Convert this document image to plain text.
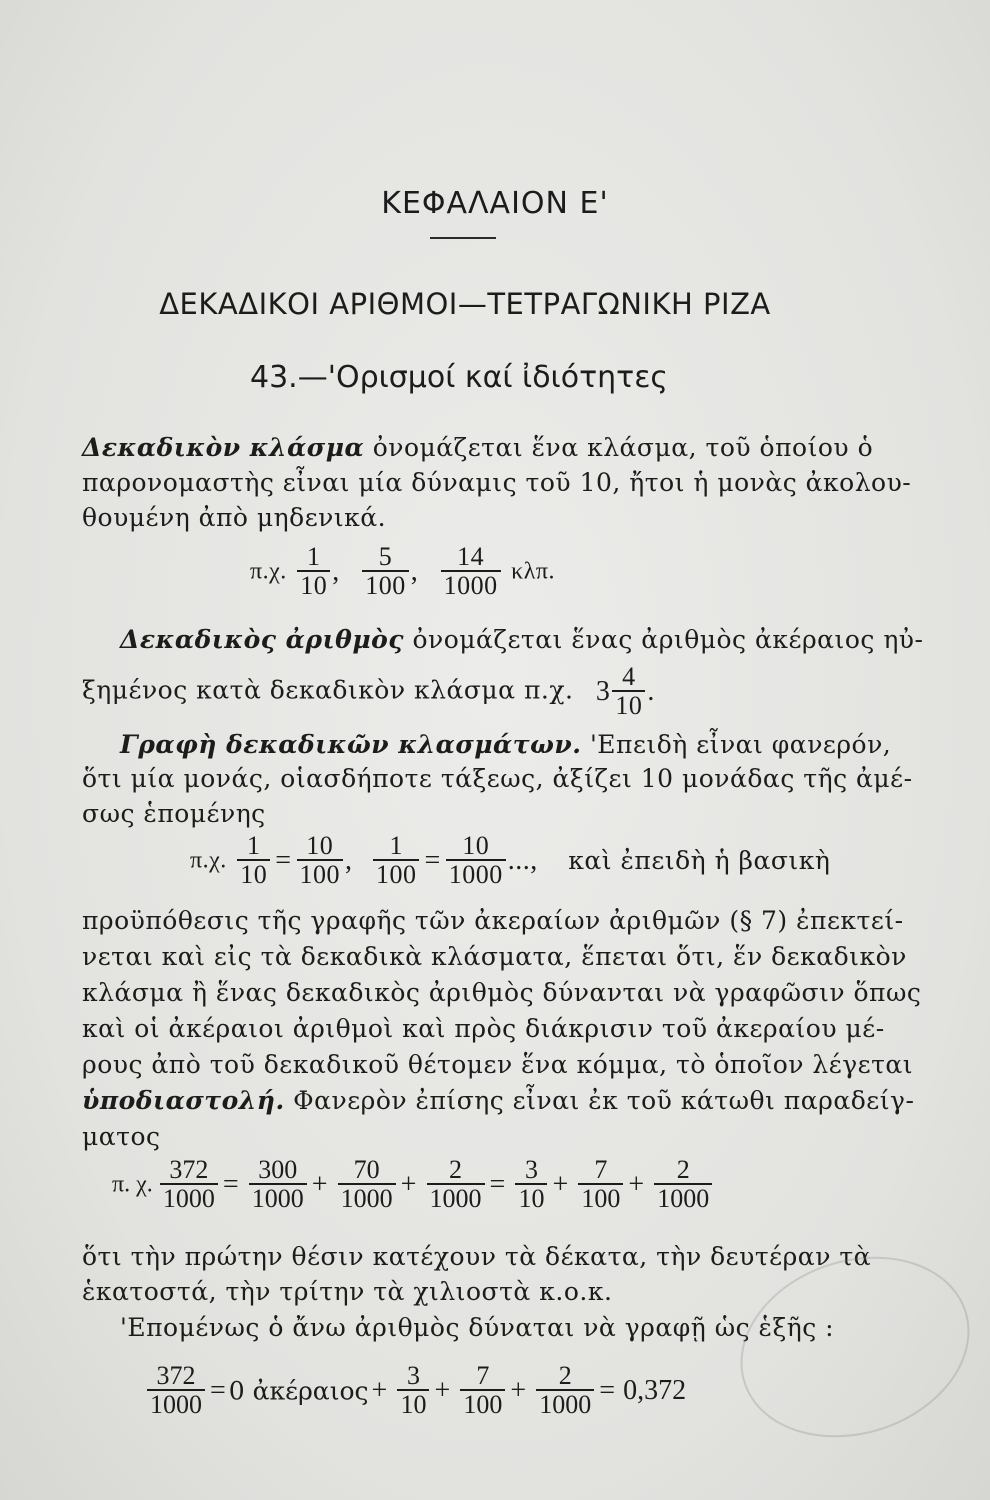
ΚΕΦΑΛΑΙΟΝ Ε'
ΔΕΚΑΔΙΚΟΙ ΑΡΙΘΜΟΙ—ΤΕΤΡΑΓΩΝΙΚΗ ΡΙΖΑ
43.—'Ορισμοί καί ἰδιότητες
Δεκαδικὸν κλάσμα ὀνομάζεται ἕνα κλάσμα, τοῦ ὁποίου ὁ
παρονομαστὴς εἶναι μία δύναμις τοῦ 10, ἤτοι ἡ μονὰς ἀκολου-
θουμένη ἀπὸ μηδενικά.
π.χ. $\frac{1}{10}$ , $\frac{5}{100}$ , $\frac{14}{1000} \kappa\lambda\pi$.
Δεκαδικὸς ἀριθμὸς ὀνομάζεται ἕνας ἀριθμὸς ἀκέραιος ηὐ-
ξημένος κατὰ δεκαδικὸν κλάσμα π.χ. $3 \frac{4}{10}$ .
Γραφὴ δεκαδικῶν κλασμάτων. 'Επειδὴ εἶναι φανερόν,
ὅτι μία μονάς, οἱασδήποτε τάξεως, ἀξίζει 10 μονάδας τῆς ἀμέ-
σως ἑπομένης
π.χ. $\frac{1}{10} = \frac{10}{100}$ , $\frac{1}{100} = \frac{10}{1000}$ ..., καὶ ἐπειδὴ ἡ βασικὴ
προϋπόθεσις τῆς γραφῆς τῶν ἀκεραίων ἀριθμῶν (§ 7) ἐπεκτεί-
νεται καὶ εἰς τὰ δεκαδικὰ κλάσματα, ἕπεται ὅτι, ἕν δεκαδικὸν
κλάσμα ἢ ἕνας δεκαδικὸς ἀριθμὸς δύνανται νὰ γραφῶσιν ὅπως
καὶ οἱ ἀκέραιοι ἀριθμοὶ καὶ πρὸς διάκρισιν τοῦ ἀκεραίου μέ-
ρους ἀπὸ τοῦ δεκαδικοῦ θέτομεν ἕνα κόμμα, τὸ ὁποῖον λέγεται
ὑποδιαστολή. Φανερὸν ἐπίσης εἶναι ἐκ τοῦ κάτωθι παραδείγ-
ματος
π. χ. $\frac{372}{1000} = \frac{300}{1000} + \frac{70}{1000} + \frac{2}{1000} = \frac{3}{10} + \frac{7}{100} + \frac{2}{1000}$
ὅτι τὴν πρώτην θέσιν κατέχουν τὰ δέκατα, τὴν δευτέραν τὰ
ἑκατοστά, τὴν τρίτην τὰ χιλιοστὰ κ.ο.κ.
'Επομένως ὁ ἄνω ἀριθμὸς δύναται νὰ γραφῇ ὡς ἑξῆς :
$\frac{372}{1000} = 0$ ἀκέραιος + $\frac{3}{10} + \frac{7}{100} + \frac{2}{1000} = 0,372$
